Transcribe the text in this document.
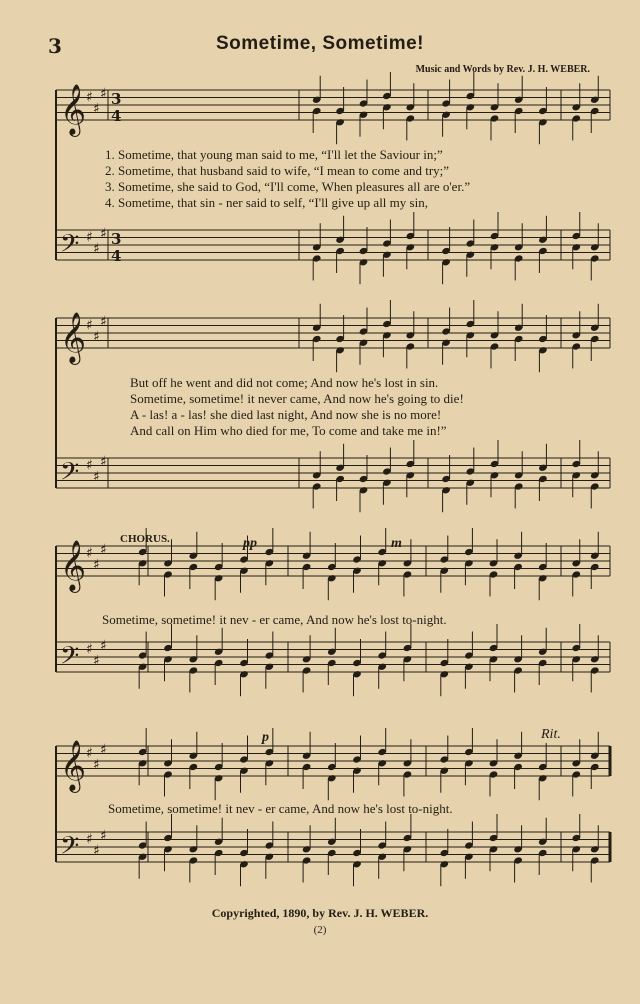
3	Sometime, Sometime!
Music and Words by Rev. J. H. WEBER.
𝄞
𝄢
♯
♯
♯
♯
♯
♯
3
4
3
4
1. Sometime, that young man said to me, “I'll let the Saviour in;”
2. Sometime, that husband said to wife, “I mean to come and try;”
3. Sometime, she said to God, “I'll come, When pleasures all are o'er.”
4. Sometime, that sin - ner said to self, “I'll give up all my sin,
𝄞
𝄢
♯
♯
♯
♯
♯
♯
But off he went and did not come; And now he's lost in sin.
Sometime, sometime! it never came, And now he's going to die!
A - las! a - las! she died last night, And now she is no more!
And call on Him who died for me, To come and take me in!”
CHORUS.	pp	m
𝄞
𝄢
♯
♯
♯
♯
♯
♯
Sometime, sometime! it nev - er came, And now he's lost to-night.
p	Rit.
𝄞
𝄢
♯
♯
♯
♯
♯
♯
Sometime, sometime! it nev - er came, And now he's lost to-night.
Copyrighted, 1890, by Rev. J. H. WEBER.
(2)
